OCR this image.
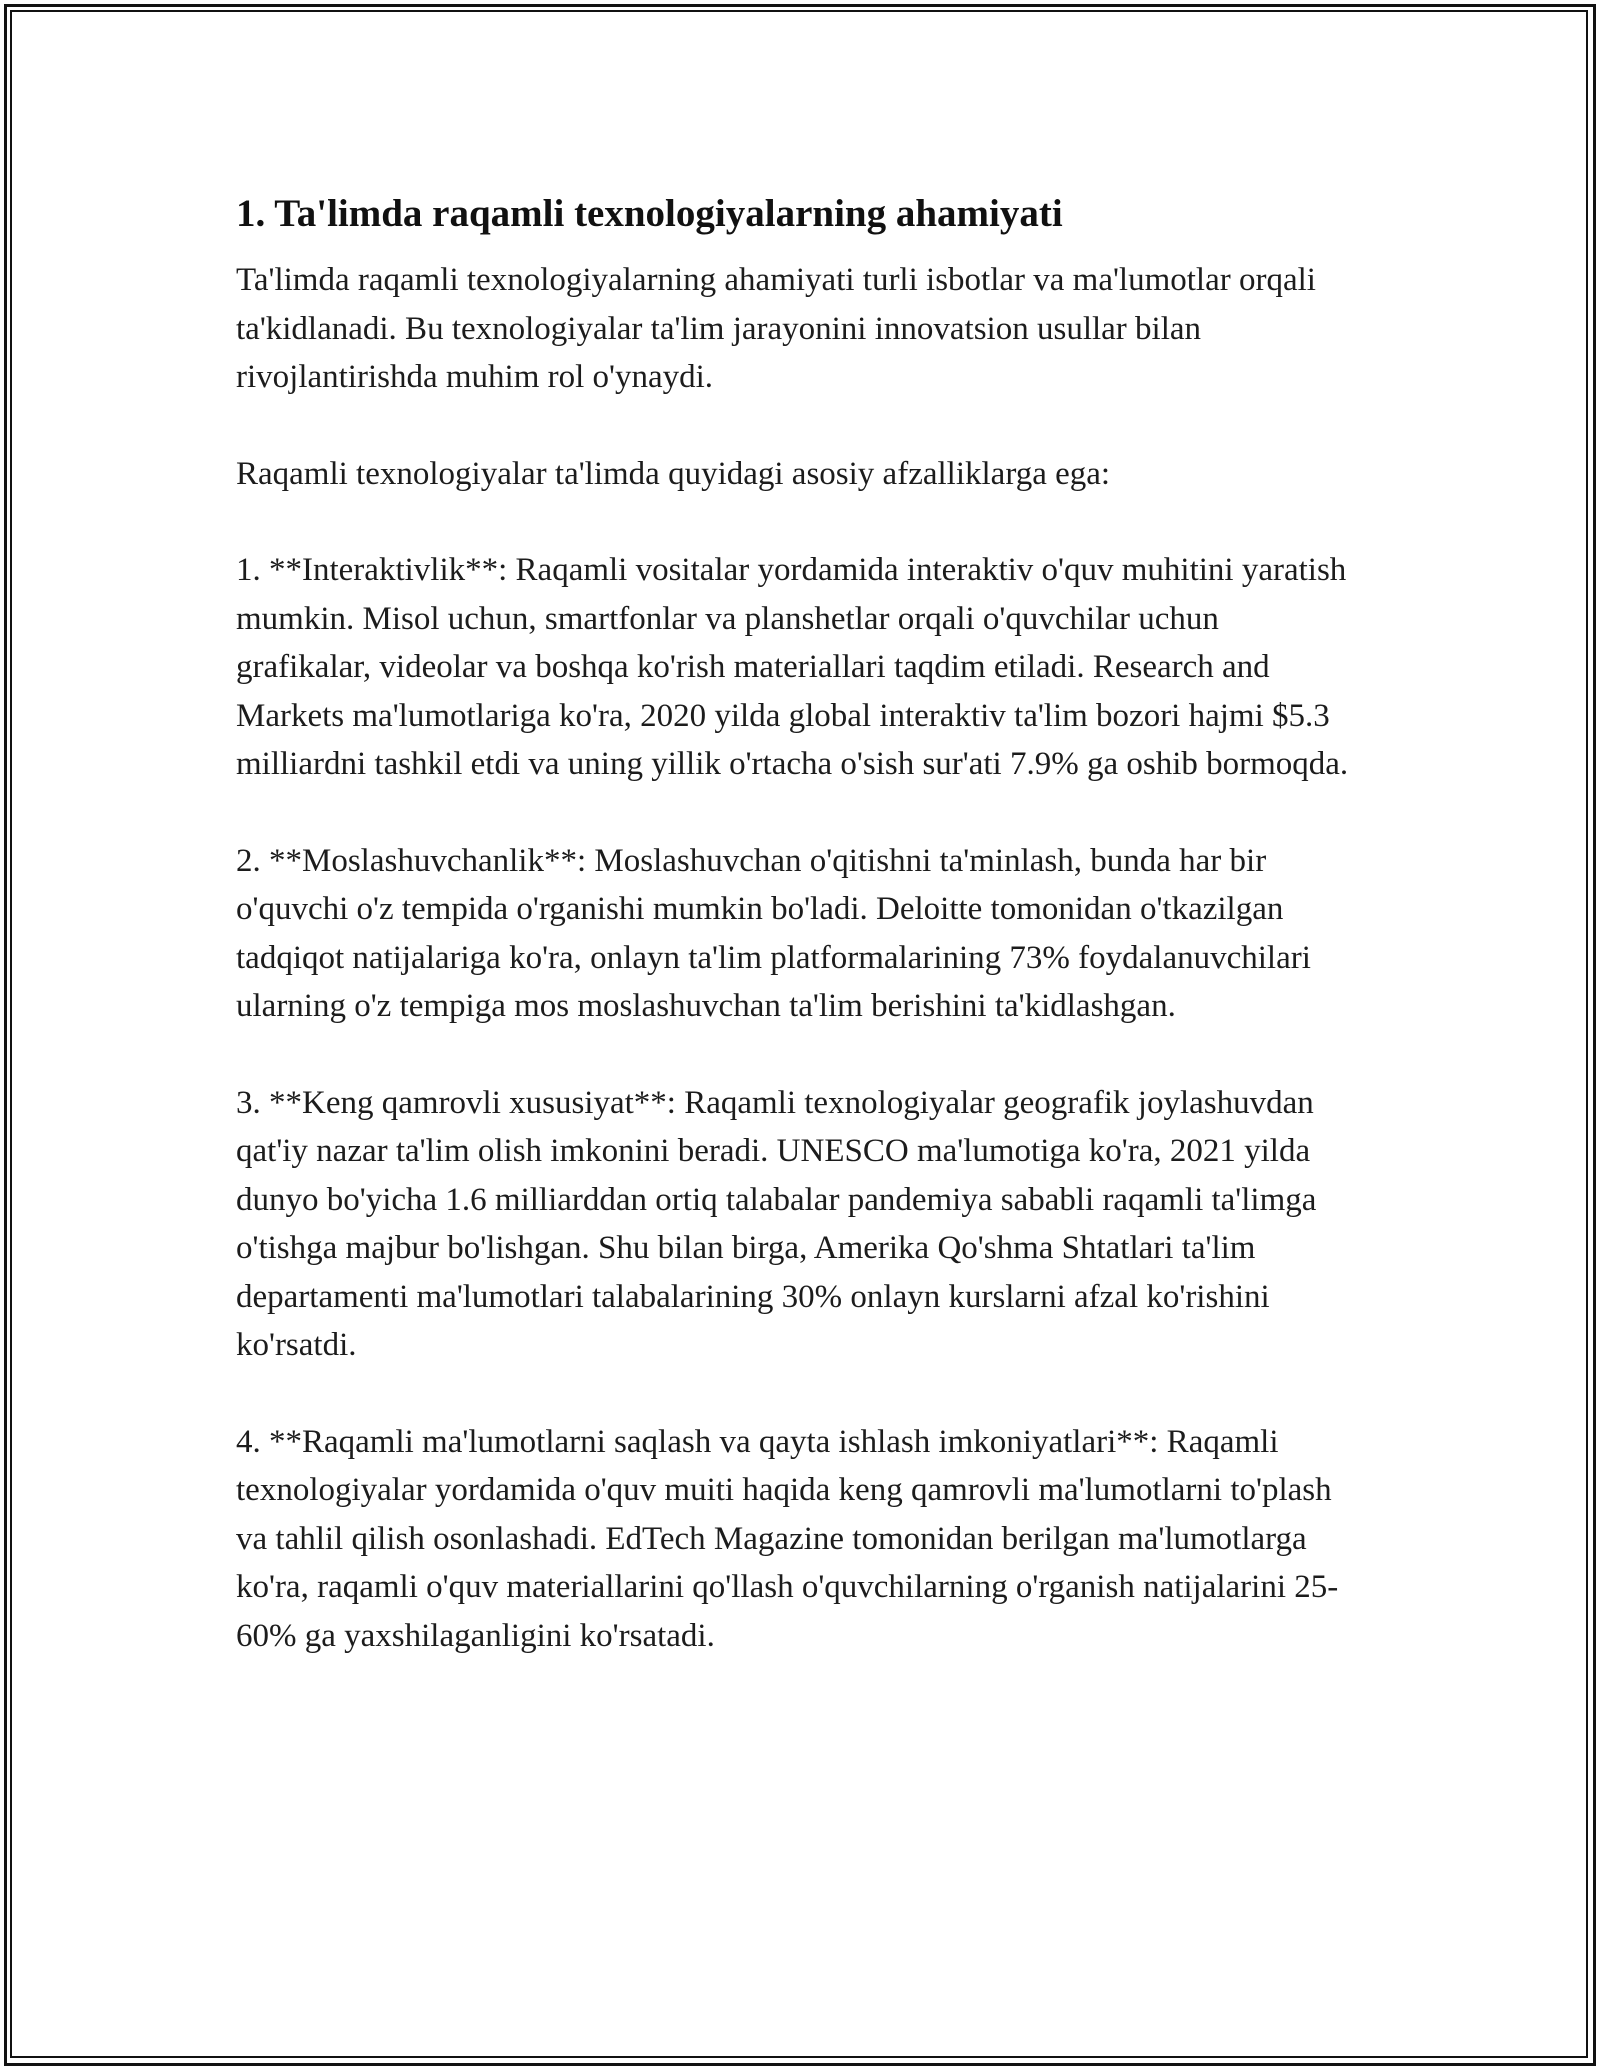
1. Ta'limda raqamli texnologiyalarning ahamiyati

Ta'limda raqamli texnologiyalarning ahamiyati turli isbotlar va ma'lumotlar orqali ta'kidlanadi. Bu texnologiyalar ta'lim jarayonini innovatsion usullar bilan rivojlantirishda muhim rol o'ynaydi.

Raqamli texnologiyalar ta'limda quyidagi asosiy afzalliklarga ega:

1. **Interaktivlik**: Raqamli vositalar yordamida interaktiv o'quv muhitini yaratish mumkin. Misol uchun, smartfonlar va planshetlar orqali o'quvchilar uchun grafikalar, videolar va boshqa ko'rish materiallari taqdim etiladi. Research and Markets ma'lumotlariga ko'ra, 2020 yilda global interaktiv ta'lim bozori hajmi $5.3 milliardni tashkil etdi va uning yillik o'rtacha o'sish sur'ati 7.9% ga oshib bormoqda.

2. **Moslashuvchanlik**: Moslashuvchan o'qitishni ta'minlash, bunda har bir o'quvchi o'z tempida o'rganishi mumkin bo'ladi. Deloitte tomonidan o'tkazilgan tadqiqot natijalariga ko'ra, onlayn ta'lim platformalarining 73% foydalanuvchilari ularning o'z tempiga mos moslashuvchan ta'lim berishini ta'kidlashgan.

3. **Keng qamrovli xususiyat**: Raqamli texnologiyalar geografik joylashuvdan qat'iy nazar ta'lim olish imkonini beradi. UNESCO ma'lumotiga ko'ra, 2021 yilda dunyo bo'yicha 1.6 milliarddan ortiq talabalar pandemiya sababli raqamli ta'limga o'tishga majbur bo'lishgan. Shu bilan birga, Amerika Qo'shma Shtatlari ta'lim departamenti ma'lumotlari talabalarining 30% onlayn kurslarni afzal ko'rishini ko'rsatdi.

4. **Raqamli ma'lumotlarni saqlash va qayta ishlash imkoniyatlari**: Raqamli texnologiyalar yordamida o'quv muiti haqida keng qamrovli ma'lumotlarni to'plash va tahlil qilish osonlashadi. EdTech Magazine tomonidan berilgan ma'lumotlarga ko'ra, raqamli o'quv materiallarini qo'llash o'quvchilarning o'rganish natijalarini 25-60% ga yaxshilaganligini ko'rsatadi.
